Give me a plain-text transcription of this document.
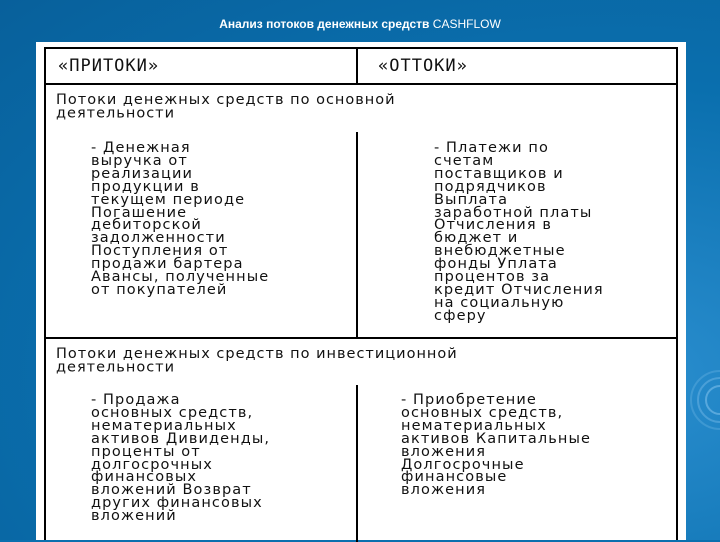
Анализ потоков денежных средств CASHFLOW
«ПРИТОКИ»	«ОТТОКИ»
Потоки денежных средств по основной
деятельности
- Денежная
выручка от
реализации
продукции в
текущем периоде
Погашение
дебиторской
задолженности
Поступления от
продажи бартера
Авансы, полученные
от покупателей
- Платежи по
счетам
поставщиков и
подрядчиков
Выплата
заработной платы
Отчисления в
бюджет и
внебюджетные
фонды Уплата
процентов за
кредит Отчисления
на социальную
сферу
Потоки денежных средств по инвестиционной
деятельности
- Продажа
основных средств,
нематериальных
активов Дивиденды,
проценты от
долгосрочных
финансовых
вложений Возврат
других финансовых
вложений
- Приобретение
основных средств,
нематериальных
активов Капитальные
вложения
Долгосрочные
финансовые
вложения
